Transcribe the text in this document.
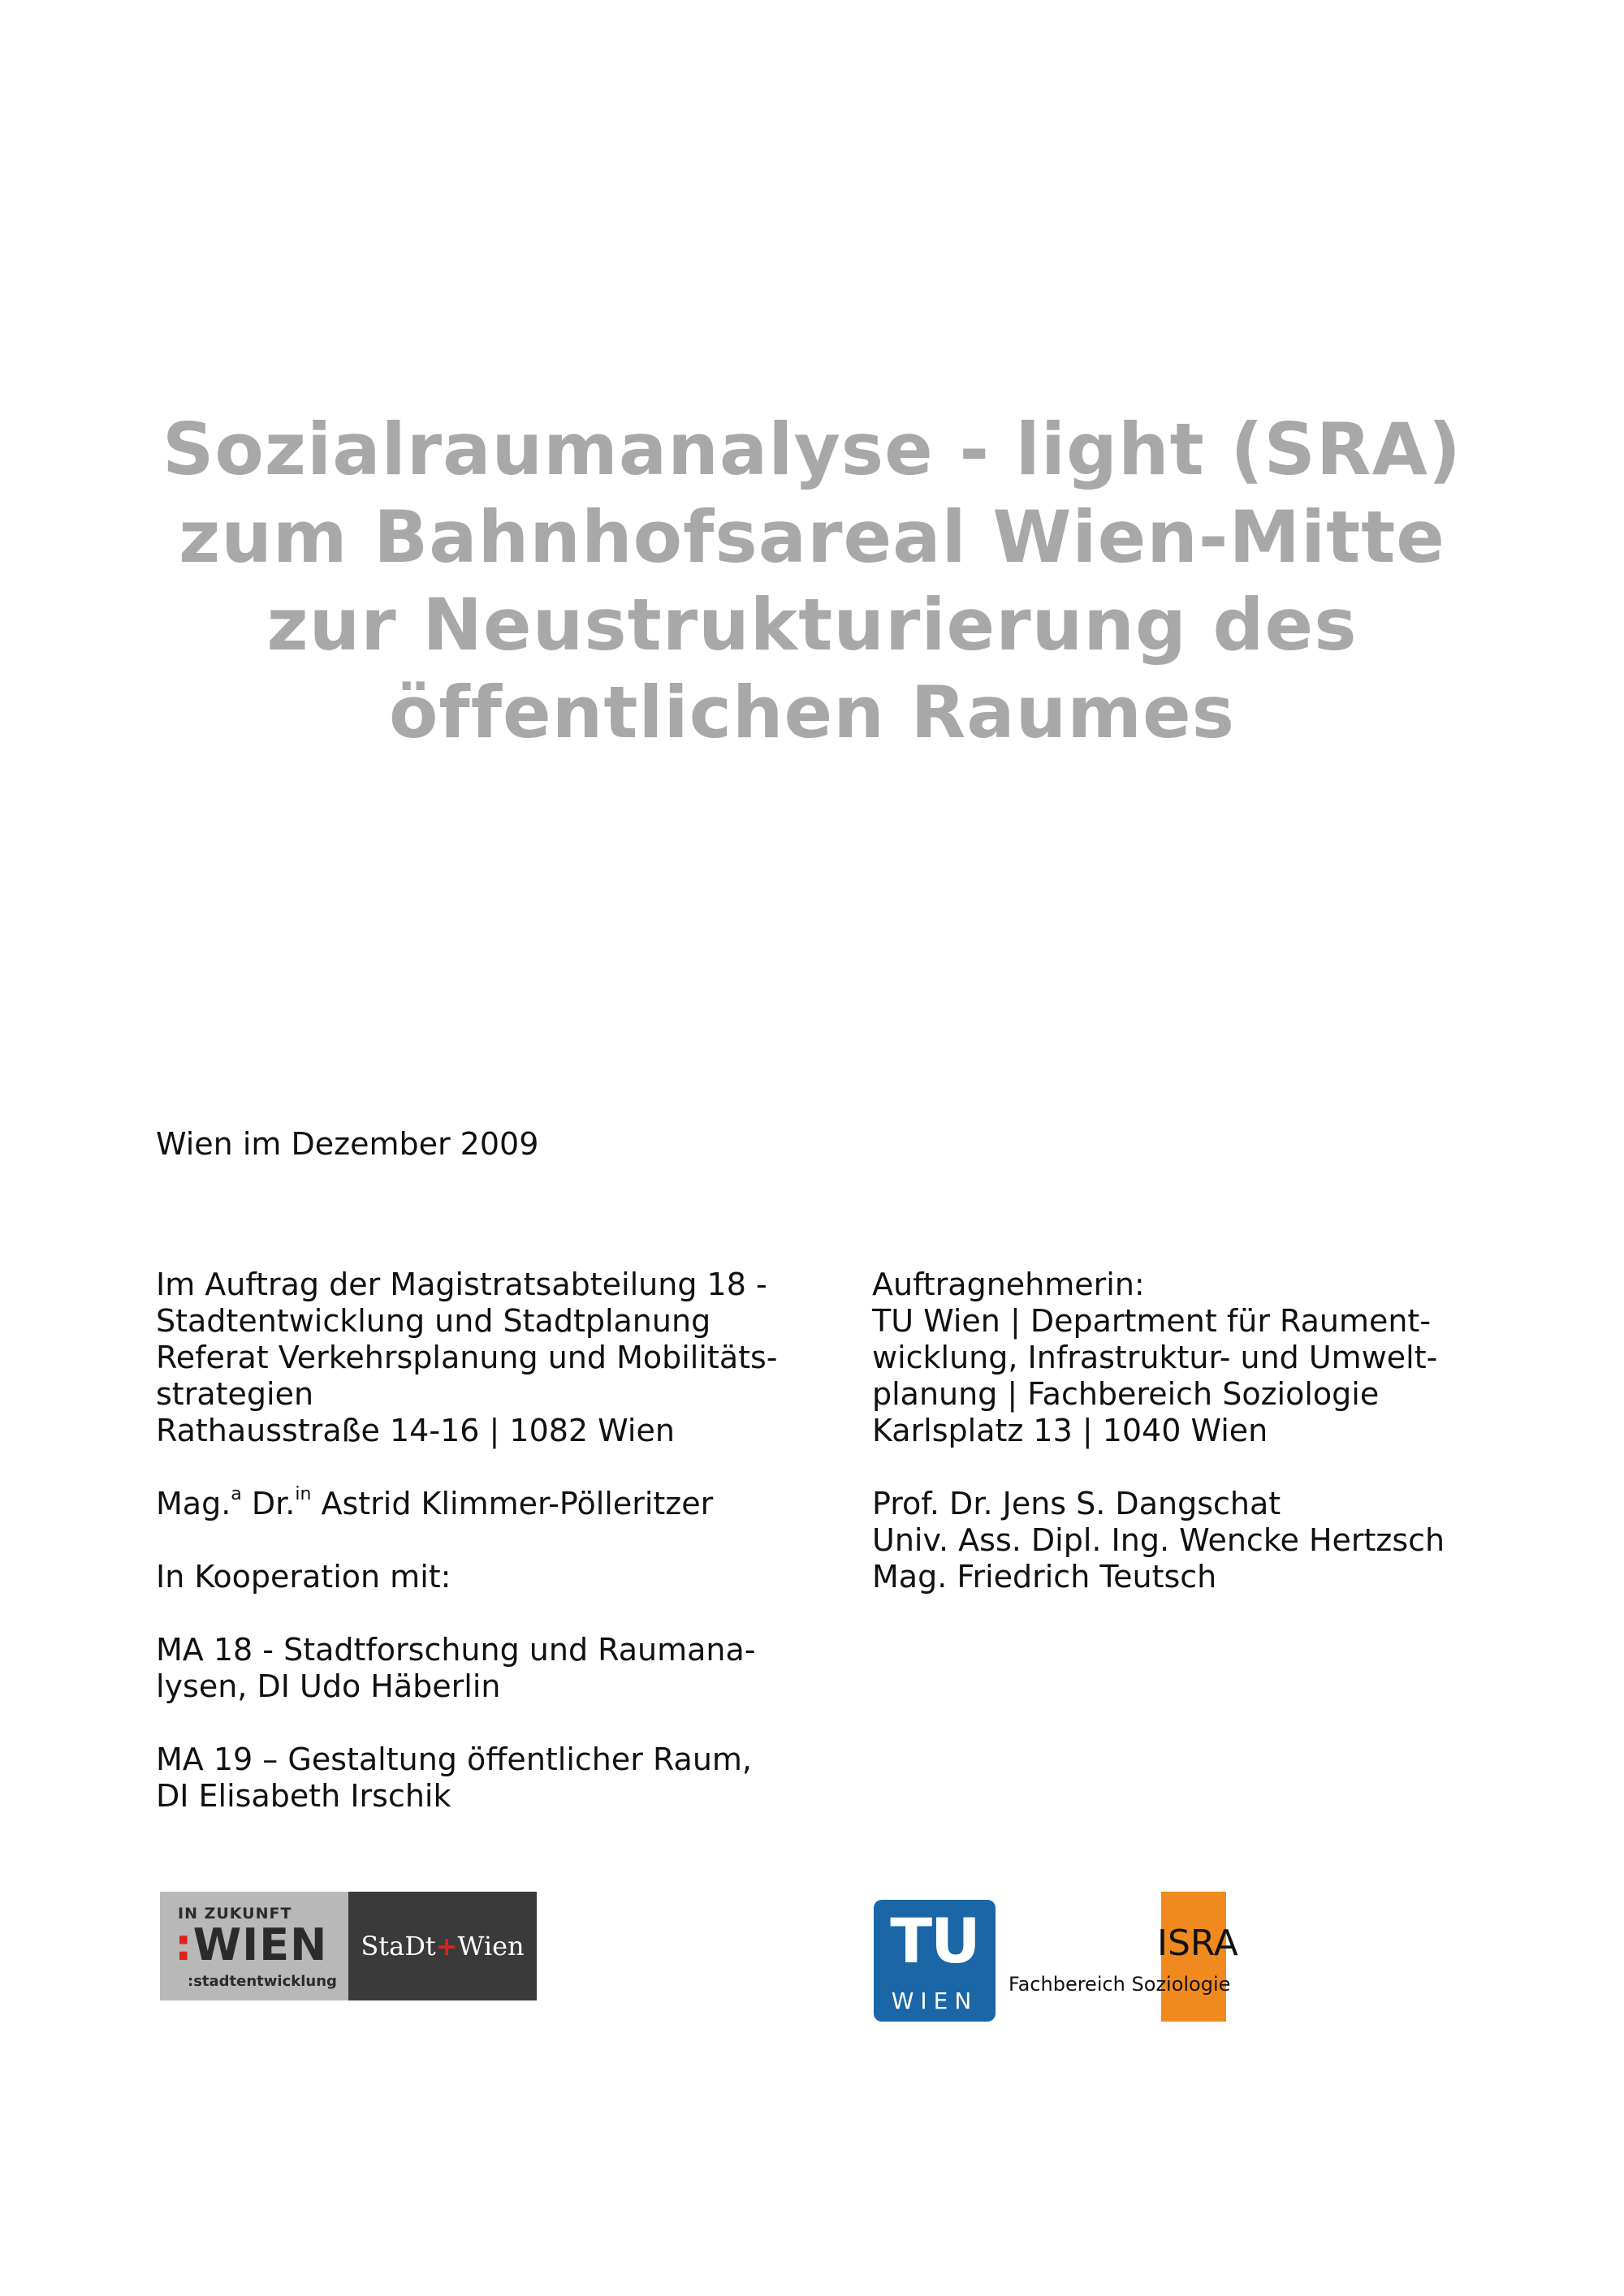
Sozialraumanalyse - light (SRA)
zum Bahnhofsareal Wien-Mitte
zur Neustrukturierung des
öffentlichen Raumes
Wien im Dezember 2009
Im Auftrag der Magistratsabteilung 18 -
Stadtentwicklung und Stadtplanung
Referat Verkehrsplanung und Mobilitäts-
strategien
Rathausstraße 14-16 | 1082 Wien
Mag.$^a$ Dr.$^{in}$ Astrid Klimmer-Pölleritzer
In Kooperation mit:
MA 18 - Stadtforschung und Raumana-
lysen, DI Udo Häberlin
MA 19 – Gestaltung öffentlicher Raum,
DI Elisabeth Irschik
Auftragnehmerin:
TU Wien | Department für Raument-
wicklung, Infrastruktur- und Umwelt-
planung | Fachbereich Soziologie
Karlsplatz 13 | 1040 Wien
Prof. Dr. Jens S. Dangschat
Univ. Ass. Dipl. Ing. Wencke Hertzsch
Mag. Friedrich Teutsch
IN ZUKUNFT
:WIEN
:stadtentwicklung
StaDt+Wien	TU
WIEN
ISRA
Fachbereich Soziologie
